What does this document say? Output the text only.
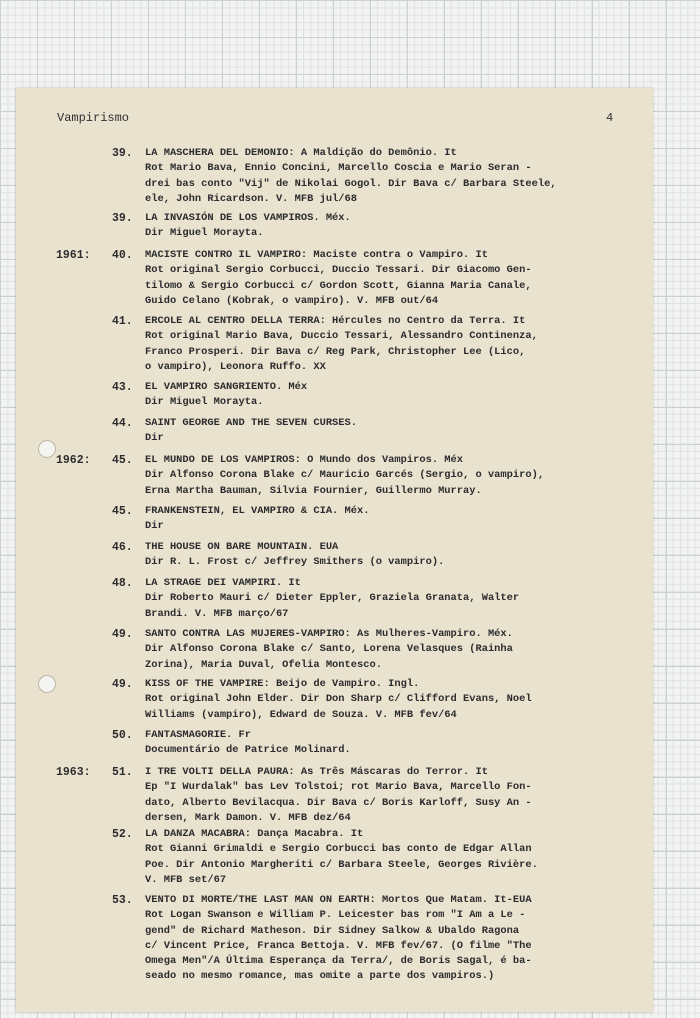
Vampirismo	4
39. LA MASCHERA DEL DEMONIO: A Maldição do Demônio. It
Rot Mario Bava, Ennio Concini, Marcello Coscia e Mario Seran -
drei bas conto "Vij" de Nikolai Gogol. Dir Bava c/ Barbara Steele,
ele, John Ricardson. V. MFB jul/68
39. LA INVASIÓN DE LOS VAMPIROS. Méx.
Dir Miguel Morayta.
1961: 40. MACISTE CONTRO IL VAMPIRO: Maciste contra o Vampiro. It
Rot original Sergio Corbucci, Duccio Tessari. Dir Giacomo Gen-
tilomo & Sergio Corbucci c/ Gordon Scott, Gianna Maria Canale,
Guido Celano (Kobrak, o vampiro). V. MFB out/64
41. ERCOLE AL CENTRO DELLA TERRA: Hércules no Centro da Terra. It
Rot original Mario Bava, Duccio Tessari, Alessandro Continenza,
Franco Prosperi. Dir Bava c/ Reg Park, Christopher Lee (Lico,
o vampiro), Leonora Ruffo. XX
43. EL VAMPIRO SANGRIENTO. Méx
Dir Miguel Morayta.
44. SAINT GEORGE AND THE SEVEN CURSES.
Dir
1962: 45. EL MUNDO DE LOS VAMPIROS: O Mundo dos Vampiros. Méx
Dir Alfonso Corona Blake c/ Mauricio Garcés (Sergio, o vampiro),
Erna Martha Bauman, Silvia Fournier, Guillermo Murray.
45. FRANKENSTEIN, EL VAMPIRO & CIA. Méx.
Dir
46. THE HOUSE ON BARE MOUNTAIN. EUA
Dir R. L. Frost c/ Jeffrey Smithers (o vampiro).
48. LA STRAGE DEI VAMPIRI. It
Dir Roberto Mauri c/ Dieter Eppler, Graziela Granata, Walter
Brandi. V. MFB março/67
49. SANTO CONTRA LAS MUJERES-VAMPIRO: As Mulheres-Vampiro. Méx.
Dir Alfonso Corona Blake c/ Santo, Lorena Velasques (Rainha
Zorina), Maria Duval, Ofelia Montesco.
49. KISS OF THE VAMPIRE: Beijo de Vampiro. Ingl.
Rot original John Elder. Dir Don Sharp c/ Clifford Evans, Noel
Williams (vampiro), Edward de Souza. V. MFB fev/64
50. FANTASMAGORIE. Fr
Documentário de Patrice Molinard.
1963: 51. I TRE VOLTI DELLA PAURA: As Três Máscaras do Terror. It
Ep "I Wurdalak" bas Lev Tolstoi; rot Mario Bava, Marcello Fon-
dato, Alberto Bevilacqua. Dir Bava c/ Boris Karloff, Susy An -
dersen, Mark Damon. V. MFB dez/64
52. LA DANZA MACABRA: Dança Macabra. It
Rot Gianni Grimaldi e Sergio Corbucci bas conto de Edgar Allan
Poe. Dir Antonio Margheriti c/ Barbara Steele, Georges Rivière.
V. MFB set/67
53. VENTO DI MORTE/THE LAST MAN ON EARTH: Mortos Que Matam. It-EUA
Rot Logan Swanson e William P. Leicester bas rom "I Am a Le -
gend" de Richard Matheson. Dir Sidney Salkow & Ubaldo Ragona
c/ Vincent Price, Franca Bettoja. V. MFB fev/67. (O filme "The
Omega Men"/A Última Esperança da Terra/, de Boris Sagal, é ba-
seado no mesmo romance, mas omite a parte dos vampiros.)
